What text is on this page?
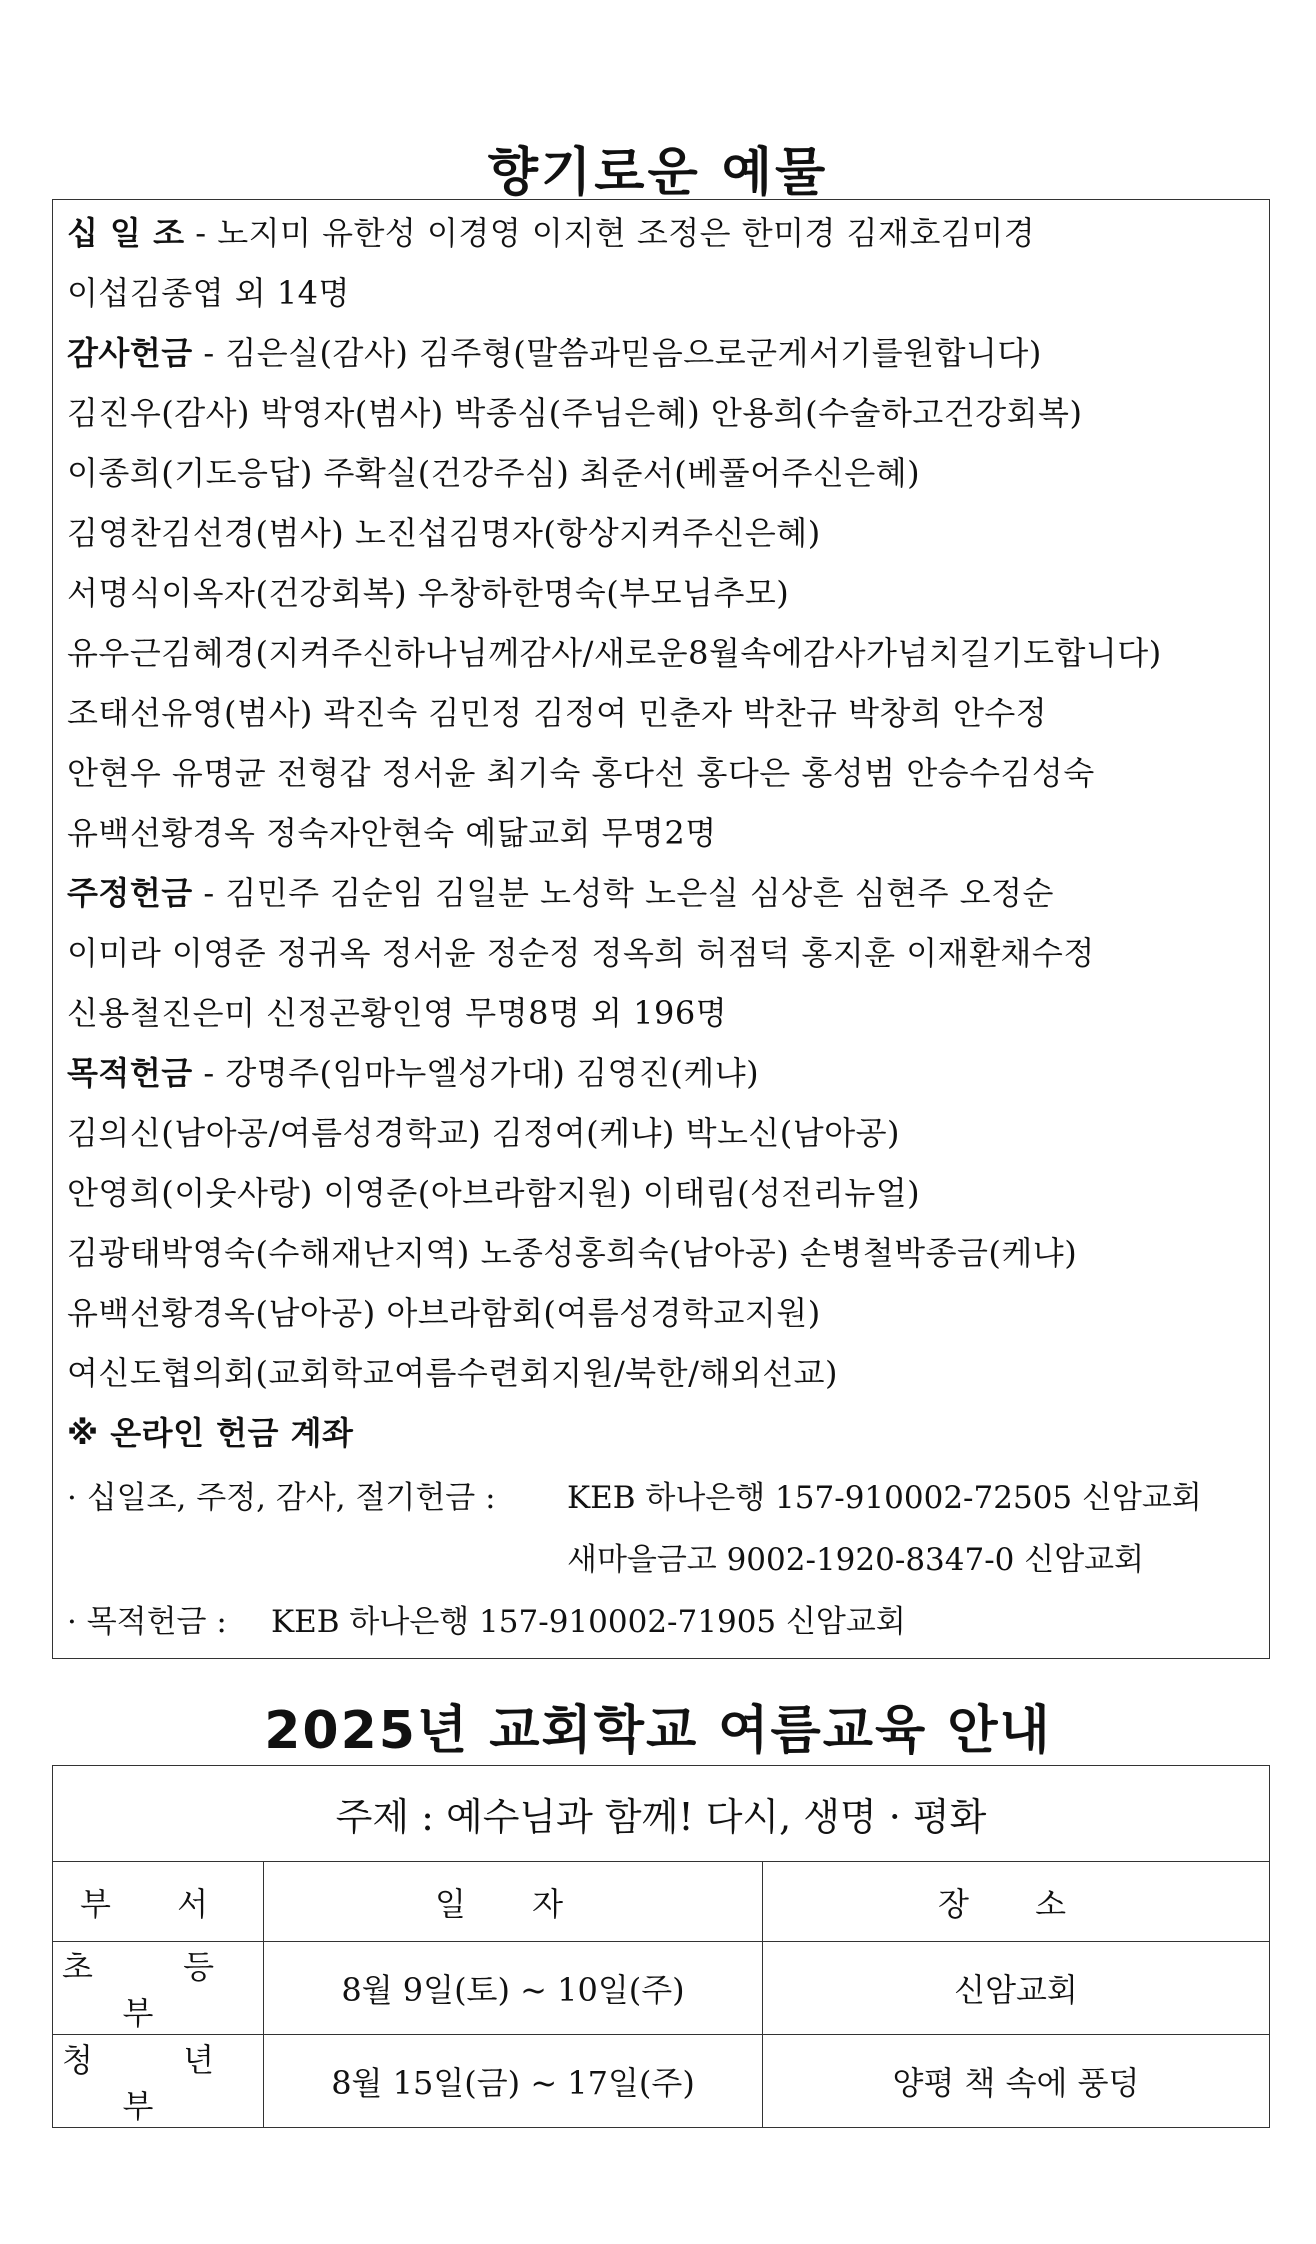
향기로운 예물
십 일 조 - 노지미 유한성 이경영 이지현 조정은 한미경 김재호김미경
이섭김종엽 외 14명
감사헌금 - 김은실(감사) 김주형(말씀과믿음으로군게서기를원합니다)
김진우(감사) 박영자(범사) 박종심(주님은혜) 안용희(수술하고건강회복)
이종희(기도응답) 주확실(건강주심) 최준서(베풀어주신은혜)
김영찬김선경(범사) 노진섭김명자(항상지켜주신은혜)
서명식이옥자(건강회복) 우창하한명숙(부모님추모)
유우근김혜경(지켜주신하나님께감사/새로운8월속에감사가넘치길기도합니다)
조태선유영(범사) 곽진숙 김민정 김정여 민춘자 박찬규 박창희 안수정
안현우 유명균 전형갑 정서윤 최기숙 홍다선 홍다은 홍성범 안승수김성숙
유백선황경옥 정숙자안현숙 예닮교회 무명2명
주정헌금 - 김민주 김순임 김일분 노성학 노은실 심상흔 심현주 오정순
이미라 이영준 정귀옥 정서윤 정순정 정옥희 허점덕 홍지훈 이재환채수정
신용철진은미 신정곤황인영 무명8명 외 196명
목적헌금 - 강명주(임마누엘성가대) 김영진(케냐)
김의신(남아공/여름성경학교) 김정여(케냐) 박노신(남아공)
안영희(이웃사랑) 이영준(아브라함지원) 이태림(성전리뉴얼)
김광태박영숙(수해재난지역) 노종성홍희숙(남아공) 손병철박종금(케냐)
유백선황경옥(남아공) 아브라함회(여름성경학교지원)
여신도협의회(교회학교여름수련회지원/북한/해외선교)
※ 온라인 헌금 계좌
· 십일조, 주정, 감사, 절기헌금 : KEB 하나은행 157-910002-72505 신암교회
새마을금고 9002-1920-8347-0 신암교회
· 목적헌금 : KEB 하나은행 157-910002-71905 신암교회
2025년 교회학교 여름교육 안내
주제 : 예수님과 함께! 다시, 생명 · 평화		
부 서	일 자	장 소
초 등 부	8월 9일(토) ~ 10일(주)	신암교회
청 년 부	8월 15일(금) ~ 17일(주)	양평 책 속에 풍덩
